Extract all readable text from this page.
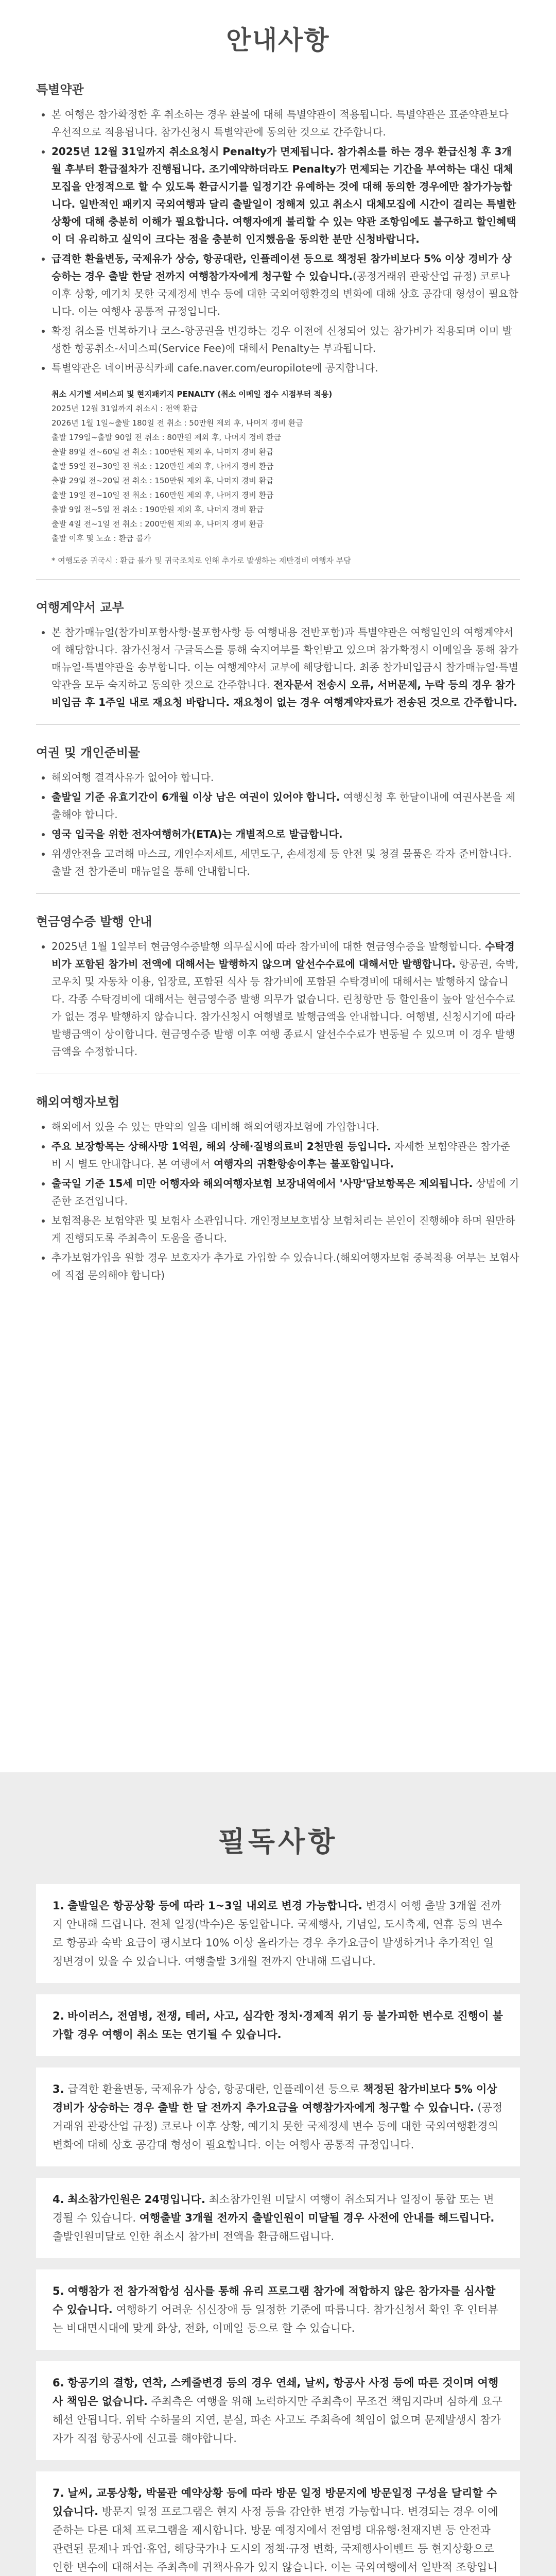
안내사항
특별약관
• 본 여행은 참가확정한 후 취소하는 경우 환불에 대해 특별약관이 적용됩니다. 특별약관은 표준약관보다 우선적으로 적용됩니다. 참가신청시 특별약관에 동의한 것으로 간주합니다.
• 2025년 12월 31일까지 취소요청시 Penalty가 면제됩니다. 참가취소를 하는 경우 환급신청 후 3개월 후부터 환급절차가 진행됩니다. 조기예약하더라도 Penalty가 면제되는 기간을 부여하는 대신 대체모집을 안정적으로 할 수 있도록 환급시기를 일정기간 유예하는 것에 대해 동의한 경우에만 참가가능합니다. 일반적인 패키지 국외여행과 달리 출발일이 정해져 있고 취소시 대체모집에 시간이 걸리는 특별한 상황에 대해 충분히 이해가 필요합니다. 여행자에게 불리할 수 있는 약관 조항임에도 불구하고 할인혜택이 더 유리하고 실익이 크다는 점을 충분히 인지했음을 동의한 분만 신청바랍니다.
• 급격한 환율변동, 국제유가 상승, 항공대란, 인플레이션 등으로 책정된 참가비보다 5% 이상 경비가 상승하는 경우 출발 한달 전까지 여행참가자에게 청구할 수 있습니다.(공정거래위 관광산업 규정) 코로나 이후 상황, 예기치 못한 국제정세 변수 등에 대한 국외여행환경의 변화에 대해 상호 공감대 형성이 필요합니다. 이는 여행사 공통적 규정입니다.
• 확정 취소를 번복하거나 코스-항공권을 변경하는 경우 이전에 신청되어 있는 참가비가 적용되며 이미 발생한 항공취소-서비스피(Service Fee)에 대해서 Penalty는 부과됩니다.
• 특별약관은 네이버공식카페 cafe.naver.com/europilote에 공지합니다.
취소 시기별 서비스피 및 현지패키지 PENALTY (취소 이메일 접수 시점부터 적용)
2025년 12월 31일까지 취소시 : 전액 환급
2026년 1월 1일~출발 180일 전 취소 : 50만원 제외 후, 나머지 경비 환급
출발 179일~출발 90일 전 취소 : 80만원 제외 후, 나머지 경비 환급
출발 89일 전~60일 전 취소 : 100만원 제외 후, 나머지 경비 환급
출발 59일 전~30일 전 취소 : 120만원 제외 후, 나머지 경비 환급
출발 29일 전~20일 전 취소 : 150만원 제외 후, 나머지 경비 환급
출발 19일 전~10일 전 취소 : 160만원 제외 후, 나머지 경비 환급
출발 9일 전~5일 전 취소 : 190만원 제외 후, 나머지 경비 환급
출발 4일 전~1일 전 취소 : 200만원 제외 후, 나머지 경비 환급
출발 이후 및 노쇼 : 환급 불가
* 여행도중 귀국시 : 환급 불가 및 귀국조치로 인해 추가로 발생하는 제반경비 여행자 부담
여행계약서 교부
• 본 참가매뉴얼(참가비포함사항·불포함사항 등 여행내용 전반포함)과 특별약관은 여행일인의 여행계약서에 해당합니다. 참가신청서 구글독스를 통해 숙지여부를 확인받고 있으며 참가확정시 이메일을 통해 참가매뉴얼·특별약관을 송부합니다. 이는 여행계약서 교부에 해당합니다. 최종 참가비입금시 참가매뉴얼·특별약관을 모두 숙지하고 동의한 것으로 간주합니다. 전자문서 전송시 오류, 서버문제, 누락 등의 경우 참가비입금 후 1주일 내로 재요청 바랍니다. 재요청이 없는 경우 여행계약자료가 전송된 것으로 간주합니다.
여권 및 개인준비물
• 해외여행 결격사유가 없어야 합니다.
• 출발일 기준 유효기간이 6개월 이상 남은 여권이 있어야 합니다. 여행신청 후 한달이내에 여권사본을 제출해야 합니다.
• 영국 입국을 위한 전자여행허가(ETA)는 개별적으로 발급합니다.
• 위생안전을 고려해 마스크, 개인수저세트, 세면도구, 손세정제 등 안전 및 청결 물품은 각자 준비합니다. 출발 전 참가준비 매뉴얼을 통해 안내합니다.
현금영수증 발행 안내
• 2025년 1월 1일부터 현금영수증발행 의무실시에 따라 참가비에 대한 현금영수증을 발행합니다. 수탁경비가 포함된 참가비 전액에 대해서는 발행하지 않으며 알선수수료에 대해서만 발행합니다. 항공권, 숙박, 코우치 및 자동차 이용, 입장료, 포함된 식사 등 참가비에 포함된 수탁경비에 대해서는 발행하지 않습니다. 각종 수탁경비에 대해서는 현금영수증 발행 의무가 없습니다. 린칭항만 등 할인율이 높아 알선수수료가 없는 경우 발행하지 않습니다. 참가신청시 여행별로 발행금액을 안내합니다. 여행별, 신청시기에 따라 발행금액이 상이합니다. 현금영수증 발행 이후 여행 종료시 알선수수료가 변동될 수 있으며 이 경우 발행금액을 수정합니다.
해외여행자보험
• 해외에서 있을 수 있는 만약의 일을 대비해 해외여행자보험에 가입합니다.
• 주요 보장항목는 상해사망 1억원, 해외 상해·질병의료비 2천만원 등입니다. 자세한 보험약관은 참가준비 시 별도 안내합니다. 본 여행에서 여행자의 귀환항송이후는 불포함입니다.
• 출국일 기준 15세 미만 어행자와 해외여행자보험 보장내역에서 '사망'담보항목은 제외됩니다. 상법에 기준한 조건입니다.
• 보험적용은 보험약관 및 보험사 소관입니다. 개인정보보호법상 보험처리는 본인이 진행해야 하며 원만하게 진행되도록 주최측이 도움을 줍니다.
• 추가보험가입을 원할 경우 보호자가 추가로 가입할 수 있습니다.(해외여행자보험 중복적용 여부는 보험사에 직접 문의해야 합니다)
필독사항

1. 출발일은 항공상황 등에 따라 1~3일 내외로 변경 가능합니다. 변경시 여행 출발 3개월 전까지 안내해 드립니다. 전체 일정(박수)은 동일합니다. 국제행사, 기념일, 도시축제, 연휴 등의 변수로 항공과 숙박 요금이 평시보다 10% 이상 올라가는 경우 추가요금이 발생하거나 추가적인 일정변경이 있을 수 있습니다. 여행출발 3개월 전까지 안내해 드립니다.

2. 바이러스, 전염병, 전쟁, 테러, 사고, 심각한 정치·경제적 위기 등 불가피한 변수로 진행이 불가할 경우 여행이 취소 또는 연기될 수 있습니다.

3. 급격한 환율변동, 국제유가 상승, 항공대란, 인플레이션 등으로 책정된 참가비보다 5% 이상 경비가 상승하는 경우 출발 한 달 전까지 추가요금을 여행참가자에게 청구할 수 있습니다. (공정거래위 관광산업 규정) 코로나 이후 상황, 예기치 못한 국제정세 변수 등에 대한 국외여행환경의 변화에 대해 상호 공감대 형성이 필요합니다. 이는 여행사 공통적 규정입니다.

4. 최소참가인원은 24명입니다. 최소참가인원 미달시 여행이 취소되거나 일정이 통합 또는 변경될 수 있습니다. 여행출발 3개월 전까지 출발인원이 미달될 경우 사전에 안내를 해드립니다. 출발인원미달로 인한 취소시 참가비 전액을 환급해드립니다.

5. 여행참가 전 참가적합성 심사를 통해 유리 프로그램 참가에 적합하지 않은 참가자를 심사할 수 있습니다. 여행하기 어려운 심신장애 등 일정한 기준에 따릅니다. 참가신청서 확인 후 인터뷰는 비대면시대에 맞게 화상, 전화, 이메일 등으로 할 수 있습니다.

6. 항공기의 결항, 연착, 스케줄변경 등의 경우 연쇄, 날씨, 항공사 사정 등에 따른 것이며 여행사 책임은 없습니다. 주최측은 여행을 위해 노력하지만 주최측이 무조건 책임지라며 심하게 요구해선 안됩니다. 위탁 수하물의 지연, 분실, 파손 사고도 주최측에 책임이 없으며 문제발생시 참가자가 직접 항공사에 신고를 해야합니다.

7. 날씨, 교통상황, 박물관 예약상황 등에 따라 방문 일정 방문지에 방문일정 구성을 달리할 수 있습니다. 방문지 일정 프로그램은 현지 사정 등을 감안한 변경 가능합니다. 변경되는 경우 이에 준하는 다른 대체 프로그램을 제시합니다. 방문 예정지에서 전염병 대유행·천재지변 등 안전과 관련된 문제나 파업·휴업, 해당국가나 도시의 정책·규정 변화, 국제행사이벤트 등 현지상황으로 인한 변수에 대해서는 주최측에 귀책사유가 있지 않습니다. 이는 국외여행에서 일반적 조항입니
